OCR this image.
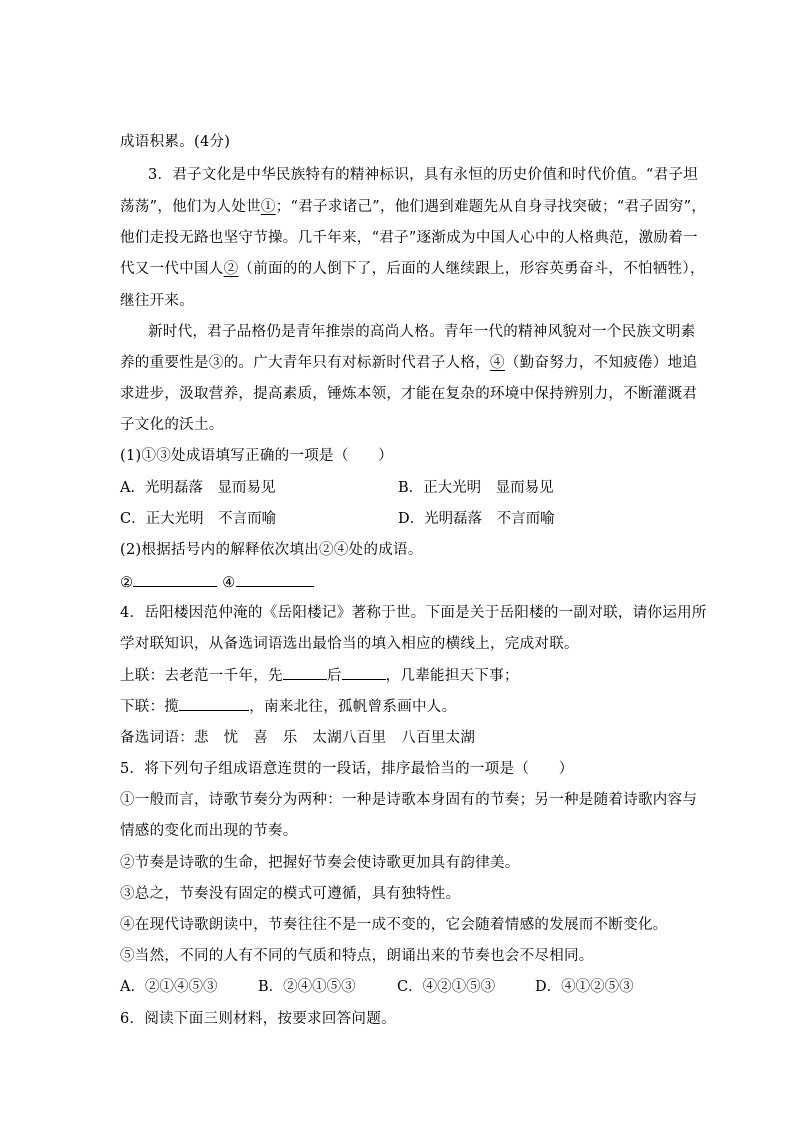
成语积累。(4分)
3．君子文化是中华民族特有的精神标识，具有永恒的历史价值和时代价值。“君子坦
荡荡”，他们为人处世①；“君子求诸己”，他们遇到难题先从自身寻找突破；“君子固穷”，
他们走投无路也坚守节操。几千年来，“君子”逐渐成为中国人心中的人格典范，激励着一
代又一代中国人②（前面的的人倒下了，后面的人继续跟上，形容英勇奋斗，不怕牺牲），
继往开来。
新时代，君子品格仍是青年推崇的高尚人格。青年一代的精神风貌对一个民族文明素
养的重要性是③的。广大青年只有对标新时代君子人格，④（勤奋努力，不知疲倦）地追
求进步，汲取营养，提高素质，锤炼本领，才能在复杂的环境中保持辨别力，不断灌溉君
子文化的沃土。
(1)①③处成语填写正确的一项是（　　）
A．光明磊落　显而易见	B．正大光明　显而易见
C．正大光明　不言而喻	D．光明磊落　不言而喻
(2)根据括号内的解释依次填出②④处的成语。
②	④
4．岳阳楼因范仲淹的《岳阳楼记》著称于世。下面是关于岳阳楼的一副对联，请你运用所
学对联知识，从备选词语选出最恰当的填入相应的横线上，完成对联。
上联：去老范一千年，先	后	，几辈能担天下事；
下联：揽	，南来北往，孤帆曾系画中人。
备选词语：悲　忧　喜　乐　太湖八百里　八百里太湖
5．将下列句子组成语意连贯的一段话，排序最恰当的一项是（　　）
①一般而言，诗歌节奏分为两种：一种是诗歌本身固有的节奏；另一种是随着诗歌内容与
情感的变化而出现的节奏。
②节奏是诗歌的生命，把握好节奏会使诗歌更加具有韵律美。
③总之，节奏没有固定的模式可遵循，具有独特性。
④在现代诗歌朗读中，节奏往往不是一成不变的，它会随着情感的发展而不断变化。
⑤当然，不同的人有不同的气质和特点，朗诵出来的节奏也会不尽相同。
A．②①④⑤③	B．②④①⑤③	C．④②①⑤③	D．④①②⑤③
6．阅读下面三则材料，按要求回答问题。
